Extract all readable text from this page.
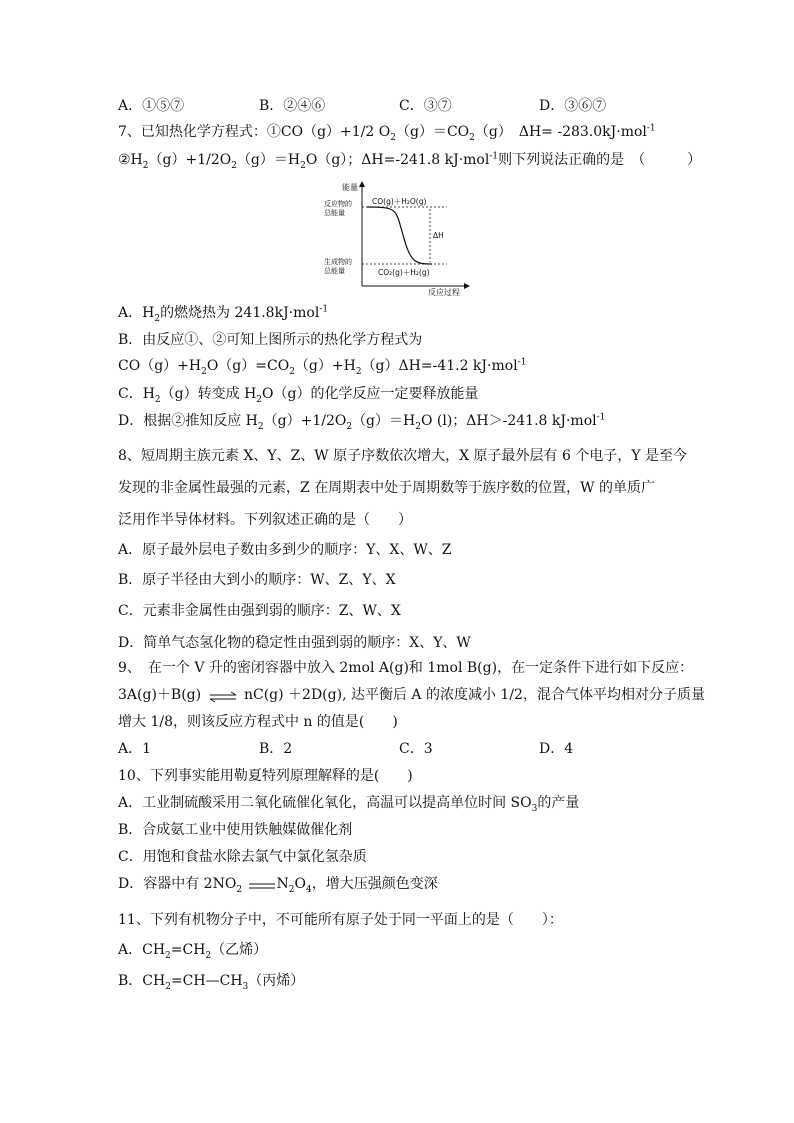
A．①⑤⑦	B．②④⑥	C．③⑦	D．③⑥⑦
7、已知热化学方程式：①CO（g）+1/2 $O_2(g)=CO_2(g)$　ΔH= -283.0kJ·mol$^{-1}$
$②H_2(g)+1/2O_2(g)=H_2O(g)$；ΔH=-241.8 kJ·mol$^{-1}$则下列说法正确的是　（　　　）
能量
反应物的
总能量
生成物的
总能量
CO(g)＋H₂O(g)
ΔH
CO₂(g)＋H₂(g)
反应过程
A．$H_2$的燃烧热为 241.8kJ·mol$^{-1}$
B．由反应①、②可知上图所示的热化学方程式为
$CO(g)+H_2O(g)=CO_2(g)+H_2(g)\Delta H=-41.2$ kJ·mol$^{-1}$
C．$H_2(g)$转变成 $H_2O(g)$的化学反应一定要释放能量
D．根据②推知反应 $H_2(g)+1/2O_2(g)=H_2O$ (l)；ΔH＞-241.8 kJ·mol$^{-1}$
8、短周期主族元素 X、Y、Z、W 原子序数依次增大，X 原子最外层有 6 个电子，Y 是至今
发现的非金属性最强的元素，Z 在周期表中处于周期数等于族序数的位置，W 的单质广
泛用作半导体材料。下列叙述正确的是（　　）
A．原子最外层电子数由多到少的顺序：Y、X、W、Z
B．原子半径由大到小的顺序：W、Z、Y、X
C．元素非金属性由强到弱的顺序：Z、W、X
D．简单气态氢化物的稳定性由强到弱的顺序：X、Y、W
9、　在一个 V 升的密闭容器中放入 2mol A(g)和 1mol B(g)，在一定条件下进行如下反应：
3A(g)＋B(g) ⇌ nC(g) ＋2D(g), 达平衡后 A 的浓度减小 1/2，混合气体平均相对分子质量
增大 1/8，则该反应方程式中 n 的值是(　　)
A．1	B．2	C．3	D．4
10、下列事实能用勒夏特列原理解释的是(　　)
A．工业制硫酸采用二氧化硫催化氧化，高温可以提高单位时间 $SO_3$的产量
B．合成氨工业中使用铁触媒做催化剂
C．用饱和食盐水除去氯气中氯化氢杂质
D．容器中有 $2NO_2$ $N_2O_4$，增大压强颜色变深
11、下列有机物分子中，不可能所有原子处于同一平面上的是（　　）：
A．$CH_2=CH_2$（乙烯）
B．$CH_2=CH—CH_3$（丙烯）
